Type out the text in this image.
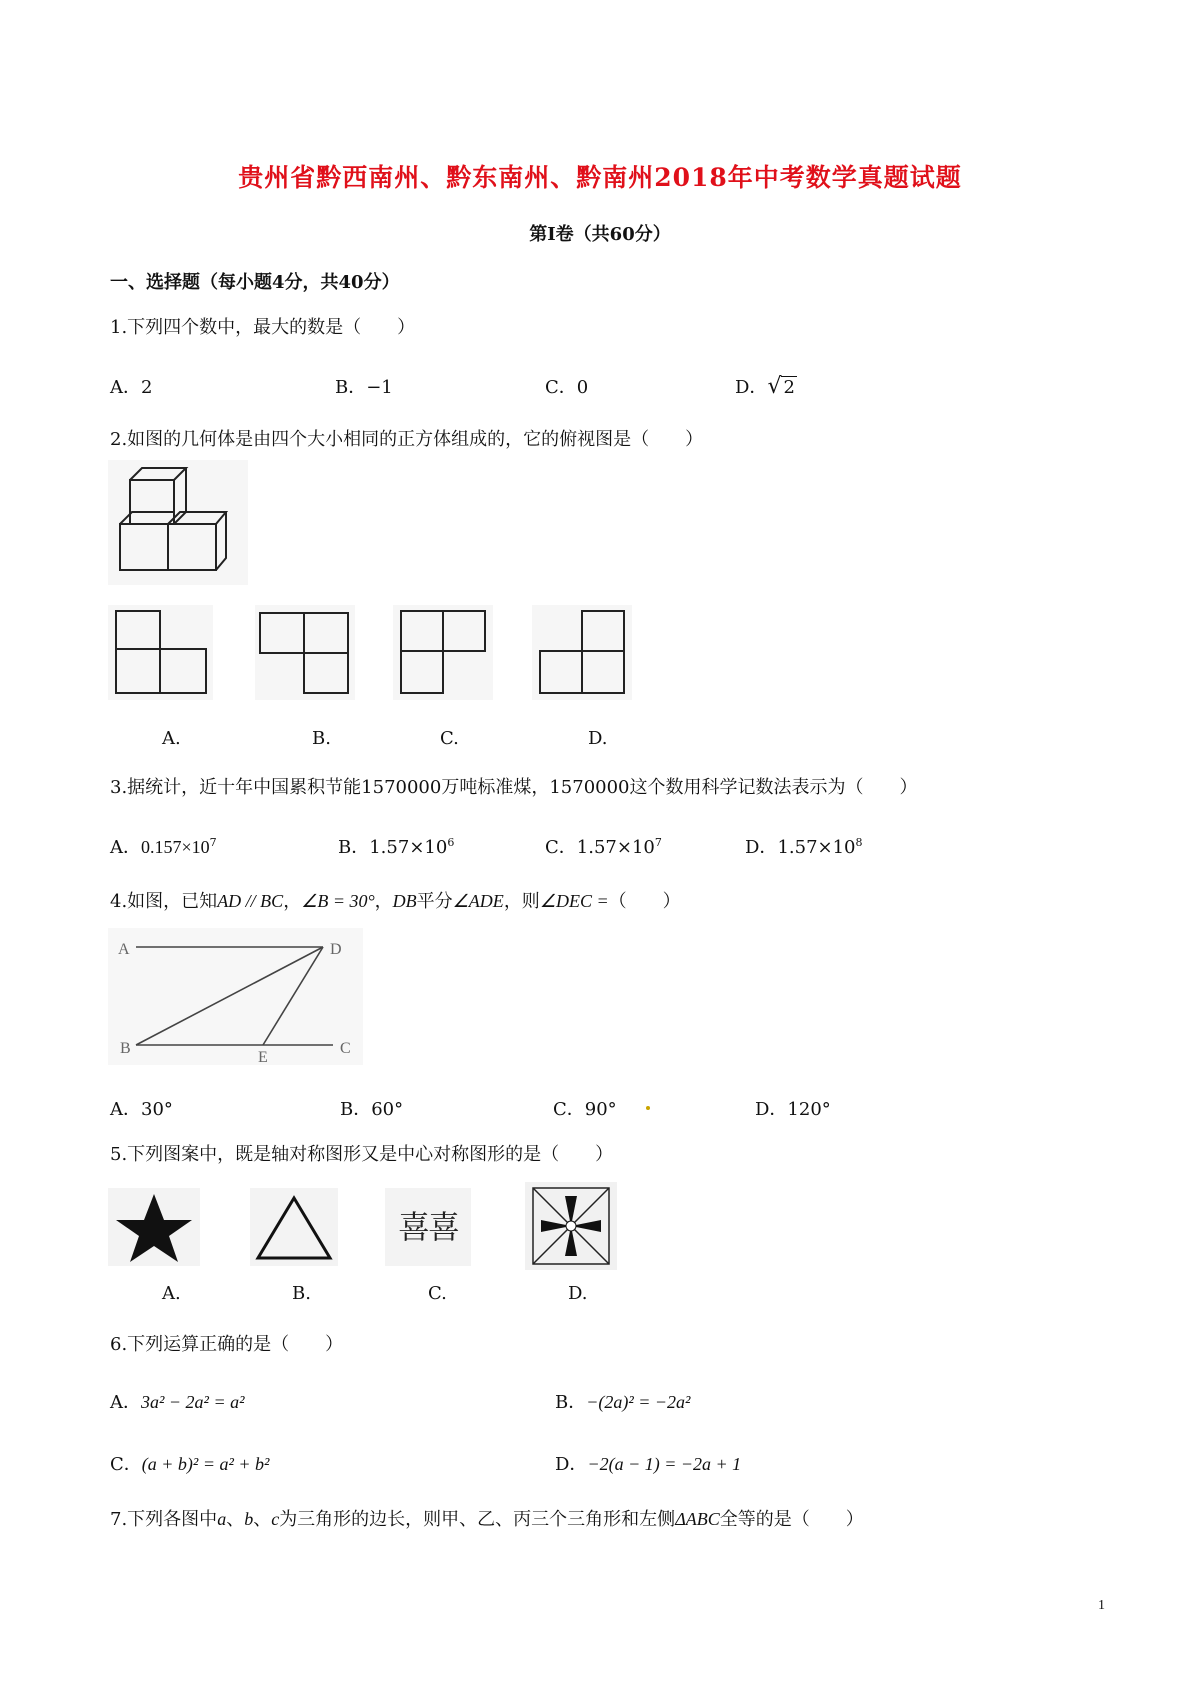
贵州省黔西南州、黔东南州、黔南州2018年中考数学真题试题
第Ⅰ卷（共60分）
一、选择题（每小题4分，共40分）
1.下列四个数中，最大的数是（　　）
A．2	B．−1	C．0	D．√ 2
2.如图的几何体是由四个大小相同的正方体组成的，它的俯视图是（　　）
A.	B.	C.	D.
3.据统计，近十年中国累积节能1570000万吨标准煤，1570000这个数用科学记数法表示为（　　）
A．$0.157\times 10^7$	B．$1.57\times 10^6$	C．$1.57\times 10^7$	D．$1.57\times 10^8$
4.如图，已知AD // BC，∠B = 30°，DB平分∠ADE，则∠DEC =（　　）
A	D
B
E
C
A．30°	B．60°	C．90°	D．120°
5.下列图案中，既是轴对称图形又是中心对称图形的是（　　）
喜喜
A.	B.	C.	D.
6.下列运算正确的是（　　）
A．3a² − 2a² = a²	B．−(2a)² = −2a²
C．(a + b)² = a² + b²	D．−2(a − 1) = −2a + 1
7.下列各图中a、b、c为三角形的边长，则甲、乙、丙三个三角形和左侧ΔABC全等的是（　　）
1
